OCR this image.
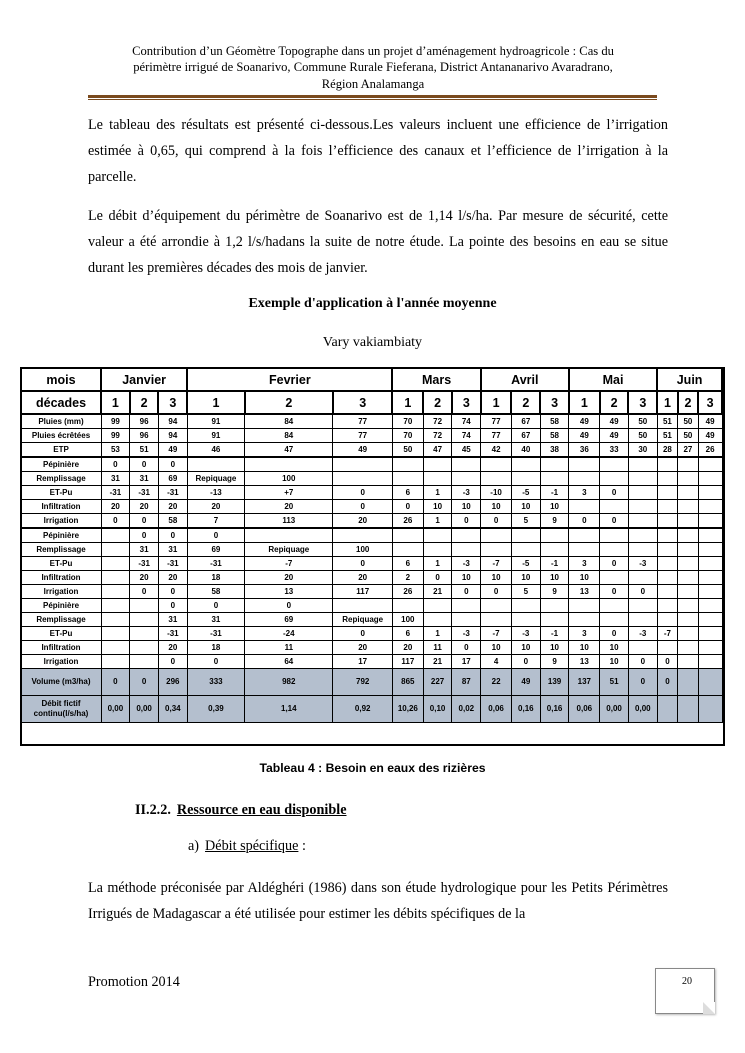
Contribution d’un Géomètre Topographe dans un projet d’aménagement hydroagricole : Cas du
périmètre irrigué de Soanarivo, Commune Rurale Fieferana, District Antananarivo Avaradrano,
Région Analamanga
Le tableau des résultats est présenté ci-dessous.Les valeurs incluent une efficience de l’irrigation estimée à 0,65, qui comprend à la fois l’efficience des canaux et l’efficience de l’irrigation à la parcelle.
Le débit d’équipement du périmètre de Soanarivo est de 1,14 l/s/ha. Par mesure de sécurité, cette valeur a été arrondie à 1,2 l/s/hadans la suite de notre étude. La pointe des besoins en eau se situe durant les premières décades des mois de janvier.
Exemple d'application à l'année moyenne
Vary vakiambiaty
mois	Janvier			Fevrier			Mars			Avril			Mai			Juin		
décades	1	2	3	1	2	3	1	2	3	1	2	3	1	2	3	1	2	3
Pluies (mm)	99	96	94	91	84	77	70	72	74	77	67	58	49	49	50	51	50	49
Pluies écrêtées	99	96	94	91	84	77	70	72	74	77	67	58	49	49	50	51	50	49
ETP	53	51	49	46	47	49	50	47	45	42	40	38	36	33	30	28	27	26
Pépinière	0	0	0															
Remplissage	31	31	69	Repiquage	100													
ET-Pu	-31	-31	-31	-13	+7	0	6	1	-3	-10	-5	-1	3	0				
Infiltration	20	20	20	20	20	0	0	10	10	10	10	10						
Irrigation	0	0	58	7	113	20	26	1	0	0	5	9	0	0				
Pépinière		0	0	0														
Remplissage		31	31	69	Repiquage	100												
ET-Pu		-31	-31	-31	-7	0	6	1	-3	-7	-5	-1	3	0	-3			
Infiltration		20	20	18	20	20	2	0	10	10	10	10	10					
Irrigation		0	0	58	13	117	26	21	0	0	5	9	13	0	0			
Pépinière			0	0	0													
Remplissage			31	31	69	Repiquage	100											
ET-Pu			-31	-31	-24	0	6	1	-3	-7	-3	-1	3	0	-3	-7		
Infiltration			20	18	11	20	20	11	0	10	10	10	10	10				
Irrigation			0	0	64	17	117	21	17	4	0	9	13	10	0	0		
Volume (m3/ha)	0	0	296	333	982	792	865	227	87	22	49	139	137	51	0	0		
Débit fictif continu(l/s/ha)	0,00	0,00	0,34	0,39	1,14	0,92	10,26	0,10	0,02	0,06	0,16	0,16	0,06	0,00	0,00			
Tableau 4 : Besoin en eaux des rizières
II.2.2. Ressource en eau disponible
a) Débit spécifique :
La méthode préconisée par Aldéghéri (1986) dans son étude hydrologique pour les Petits Périmètres Irrigués de Madagascar a été utilisée pour estimer les débits spécifiques de la
Promotion 2014	20
